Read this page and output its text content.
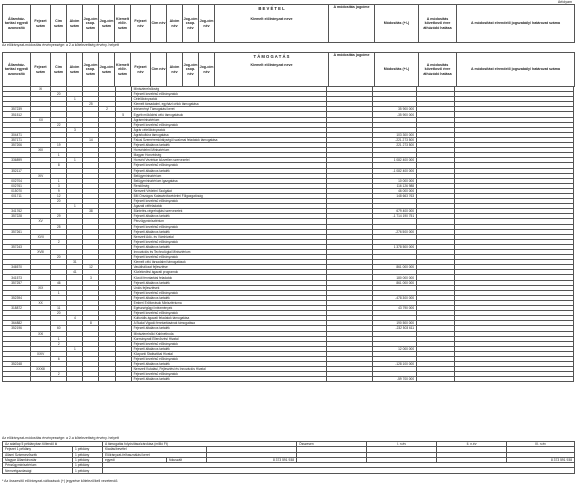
Árfolyam
Államház-tartási egyedi azonosító	Fejezet szám	Cím szám	Alcím szám	Jog-cím csop. szám	Jog-cím szám	Kiemelt előir. szám	Fejezet név	Cím név	Alcím név	Jog-cím csop. név	Jog-cím név	
B E V É T E L
Kiemelt előirányzat neve
	A módosítás jogcíme	Módosítás (+/-)	A módosítás következő évre áthúzódó hatása	A módosítást elrendelő jogszabály/ határozat száma
Az előirányzat-módosítás érvényessége: a 2.a kötelezettség érvény. helyett
Államház-tartási egyedi azonosító	Fejezet szám	Cím szám	Alcím szám	Jog-cím csop. szám	Jog-cím szám	Kiemelt előir. szám	Fejezet név	Cím név	Alcím név	Jog-cím csop. név	Jog-cím név	
T Á M O G A T Á S
Kiemelt előirányzat neve
	A módosítás jogcíme	Módosítás (+/-)	A módosítás következő évre áthúzódó hatása	A módosítást elrendelő jogszabály/ határozat száma
	XI						Miniszterelnökség				
		20					Fejezeti kezelésű előirányzatok				
			1				Célelőirányzatok				
				25			Kiemelt társadalmi, egyházi célok támogatása				
357239					2		Intézményi Támogatási keret		35 900 000		
351512						5	Egyéb működési célú támogatások		-35 900 000		
	XII						Agrárminisztérium				
		22					Fejezeti kezelésű előirányzatok				
			3				Agrár célelőirányzatok				
304471							Agrárkultúra támogatása		103 300 000		
357171				14			Falusi Szeméremkirálységül szakmai feladatok támogatása		-221 273 500		
357206		19					Fejezeti általános tartalék		221 273 500		
	XIII						Honvédelmi Minisztérium				
		1					Magyar Honvédség				
336899			1				Honvéd Vezérkar közvetlen szervezetei		1 082 400 000		
		8					Fejezeti kezelésű előirányzatok				
352117							Fejezeti általános tartalék		-1 082 400 000		
	XIV						Belügyminisztérium				
002704		1					Belügyminisztérium igazgatása		10 000 000		
002761		3					Rendőrség		116 126 988		
015070		9					Nemzeti Védelmi Szolgálat		46 000 000		
001711		12					BM Országos Katasztrófavédelmi Főigazgatóság		148 663 763		
		20					Fejezeti kezelésű előirányzatok				
			1				Ágazati célfeladatok				
341762				38			Büntetés-végrehajtási szervezetek		679 400 000		
357228		29					Fejezeti általános tartalék		-1 714 190 751		
	XV						Pénzügyminisztérium				
		25					Fejezeti kezelésű előirányzatok				
357261							Fejezeti általános tartalék		-276 500 000		
	XVII						Nemzeti Adó- és Vámhivatal				
		2					Fejezeti kezelésű előirányzatok				
357243							Fejezeti általános tartalék		1 378 500 000		
	XVIII						Innovációs és Technológiai Minisztérium				
		20					Fejezeti kezelésű előirányzatok				
			31				Kiemelt célú társadalmi támogatások				
346570				12			Vasúthálózat fejlesztése		861 000 000		
			41				Közlekedési ágazati programok				
341573				3			Közúti fenntartási feladatok		180 000 000		
357257		46					Fejezeti általános tartalék		861 000 000		
	XIX						Uniós fejlesztések				
		1					Fejezeti kezelésű előirányzatok				
352394							Fejezeti általános tartalék		-478 300 000		
	XX						Emberi Erőforrások Minisztériuma				
318872		11					Egészségügyi intézmények		43 790 000		
		20					Fejezeti kezelésű előirányzatok				
			4				Kulturális ágazati feladatok támogatása				
364882				8			A Budai Vigadó fenntartásának támogatása		190 500 000		
352196		60					Fejezeti általános tartalék		-232 503 611		
	XXI						Miniszterelnöki Kabinetiroda				
		1					Kormányzati Ellenőrzési Hivatal				
		2					Fejezeti kezelésű előirányzatok				
			1				Fejezeti általános tartalék		12 000 000		
	XXIV						Központi Statisztikai Hivatal				
		6					Fejezeti kezelésű előirányzatok				
352248							Fejezeti általános tartalék		-128 100 000		
	XXXIII						Nemzeti Kutatási, Fejlesztési és Innovációs Hivatal				
		2					Fejezeti kezelésű előirányzatok				
							Fejezeti általános tartalék		-59 700 000		
Az előirányzat-módosítás érvényessége: a 2.a kötelezettség érvény. helyett
Az adatlap 5 példányban töltendő ki		A támogatás folyósítása/zárolása (millió Ft)			Összesen	I. n.év	II. n.év	III. n.év
Fejezet 1 példány	1 példány	Kiadás/bevétel						
Állami Számvevőszék	1 példány	Előirányzat-felhasználási keret						
Magyar Államkincstár	1 példány	egyedi	fókuszált	8 373 591 938				8 373 591 938
Pénzügyminisztérium	1 példány							
Nemzetgazdasági	1 példány							
* Az összesítő előírányzat-változások (+) jegyzése kötelező/kell vezetendő.
